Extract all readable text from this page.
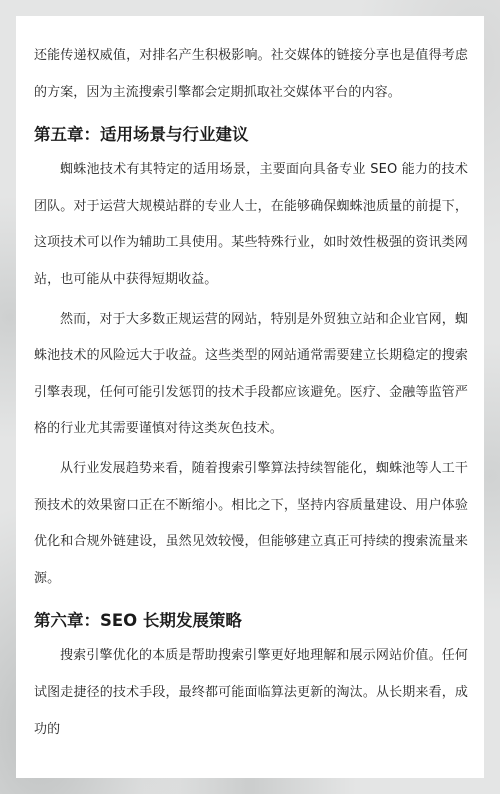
还能传递权威值，对排名产生积极影响。社交媒体的链接分享也是值得考虑的方案，因为主流搜索引擎都会定期抓取社交媒体平台的内容。

第五章：适用场景与行业建议

蜘蛛池技术有其特定的适用场景，主要面向具备专业 SEO 能力的技术团队。对于运营大规模站群的专业人士，在能够确保蜘蛛池质量的前提下，这项技术可以作为辅助工具使用。某些特殊行业，如时效性极强的资讯类网站，也可能从中获得短期收益。

然而，对于大多数正规运营的网站，特别是外贸独立站和企业官网，蜘蛛池技术的风险远大于收益。这些类型的网站通常需要建立长期稳定的搜索引擎表现，任何可能引发惩罚的技术手段都应该避免。医疗、金融等监管严格的行业尤其需要谨慎对待这类灰色技术。

从行业发展趋势来看，随着搜索引擎算法持续智能化，蜘蛛池等人工干预技术的效果窗口正在不断缩小。相比之下，坚持内容质量建设、用户体验优化和合规外链建设，虽然见效较慢，但能够建立真正可持续的搜索流量来源。

第六章：SEO 长期发展策略

搜索引擎优化的本质是帮助搜索引擎更好地理解和展示网站价值。任何试图走捷径的技术手段，最终都可能面临算法更新的淘汰。从长期来看，成功的
